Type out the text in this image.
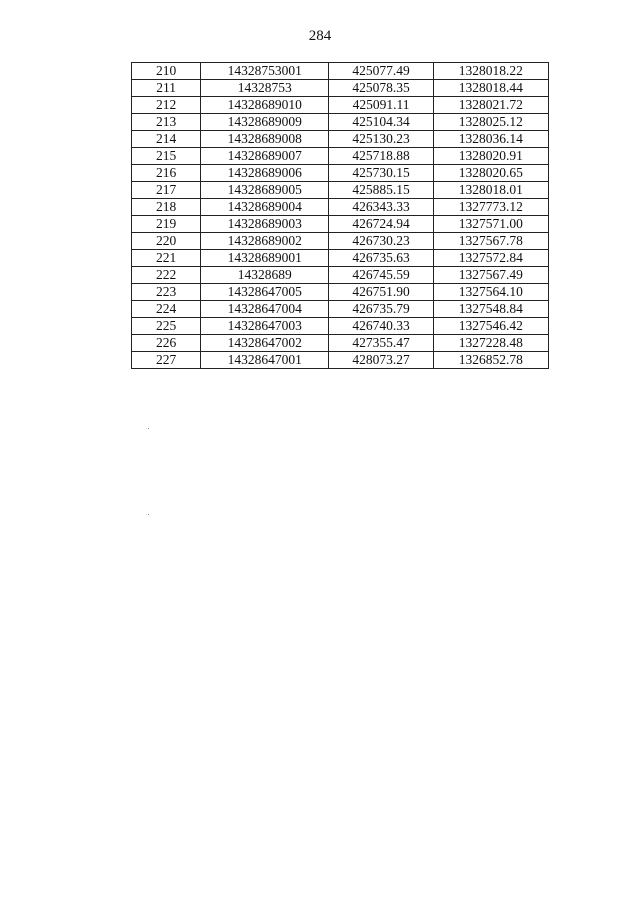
284
210	14328753001	425077.49	1328018.22
211	14328753	425078.35	1328018.44
212	14328689010	425091.11	1328021.72
213	14328689009	425104.34	1328025.12
214	14328689008	425130.23	1328036.14
215	14328689007	425718.88	1328020.91
216	14328689006	425730.15	1328020.65
217	14328689005	425885.15	1328018.01
218	14328689004	426343.33	1327773.12
219	14328689003	426724.94	1327571.00
220	14328689002	426730.23	1327567.78
221	14328689001	426735.63	1327572.84
222	14328689	426745.59	1327567.49
223	14328647005	426751.90	1327564.10
224	14328647004	426735.79	1327548.84
225	14328647003	426740.33	1327546.42
226	14328647002	427355.47	1327228.48
227	14328647001	428073.27	1326852.78
